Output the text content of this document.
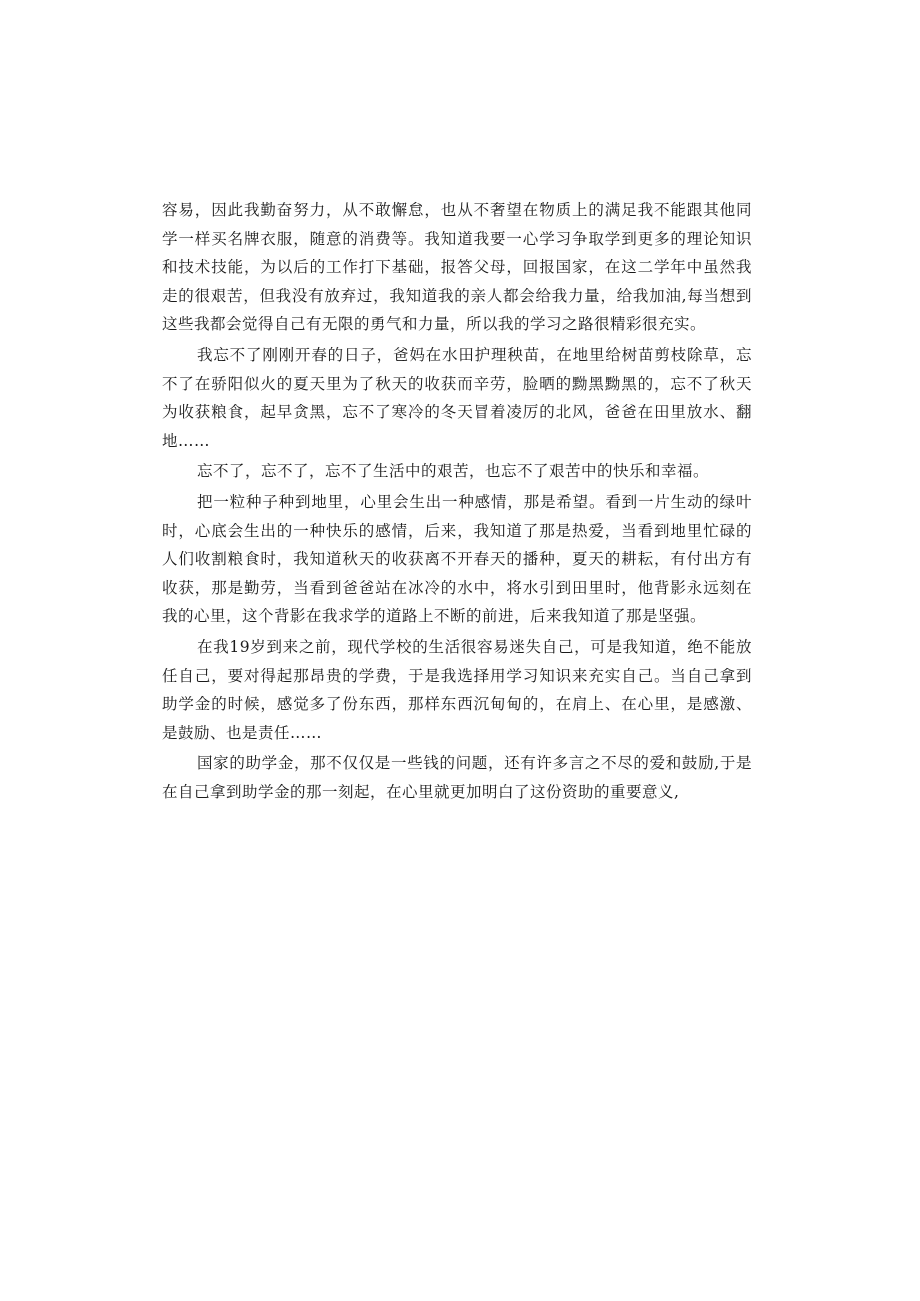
容易，因此我勤奋努力，从不敢懈怠，也从不奢望在物质上的满足我不能跟其他同学一样买名牌衣服，随意的消费等。我知道我要一心学习争取学到更多的理论知识和技术技能，为以后的工作打下基础，报答父母，回报国家，在这二学年中虽然我走的很艰苦，但我没有放弃过，我知道我的亲人都会给我力量，给我加油,每当想到这些我都会觉得自己有无限的勇气和力量，所以我的学习之路很精彩很充实。

我忘不了刚刚开春的日子，爸妈在水田护理秧苗，在地里给树苗剪枝除草，忘不了在骄阳似火的夏天里为了秋天的收获而辛劳，脸晒的黝黑黝黑的，忘不了秋天为收获粮食，起早贪黑，忘不了寒冷的冬天冒着凌厉的北风，爸爸在田里放水、翻地……

忘不了，忘不了，忘不了生活中的艰苦，也忘不了艰苦中的快乐和幸福。

把一粒种子种到地里，心里会生出一种感情，那是希望。看到一片生动的绿叶时，心底会生出的一种快乐的感情，后来，我知道了那是热爱，当看到地里忙碌的人们收割粮食时，我知道秋天的收获离不开春天的播种，夏天的耕耘，有付出方有收获，那是勤劳，当看到爸爸站在冰冷的水中，将水引到田里时，他背影永远刻在我的心里，这个背影在我求学的道路上不断的前进，后来我知道了那是坚强。

在我19岁到来之前，现代学校的生活很容易迷失自己，可是我知道，绝不能放任自己，要对得起那昂贵的学费，于是我选择用学习知识来充实自己。当自己拿到助学金的时候，感觉多了份东西，那样东西沉甸甸的，在肩上、在心里，是感激、是鼓励、也是责任……

国家的助学金，那不仅仅是一些钱的问题，还有许多言之不尽的爱和鼓励,于是在自己拿到助学金的那一刻起，在心里就更加明白了这份资助的重要意义,
